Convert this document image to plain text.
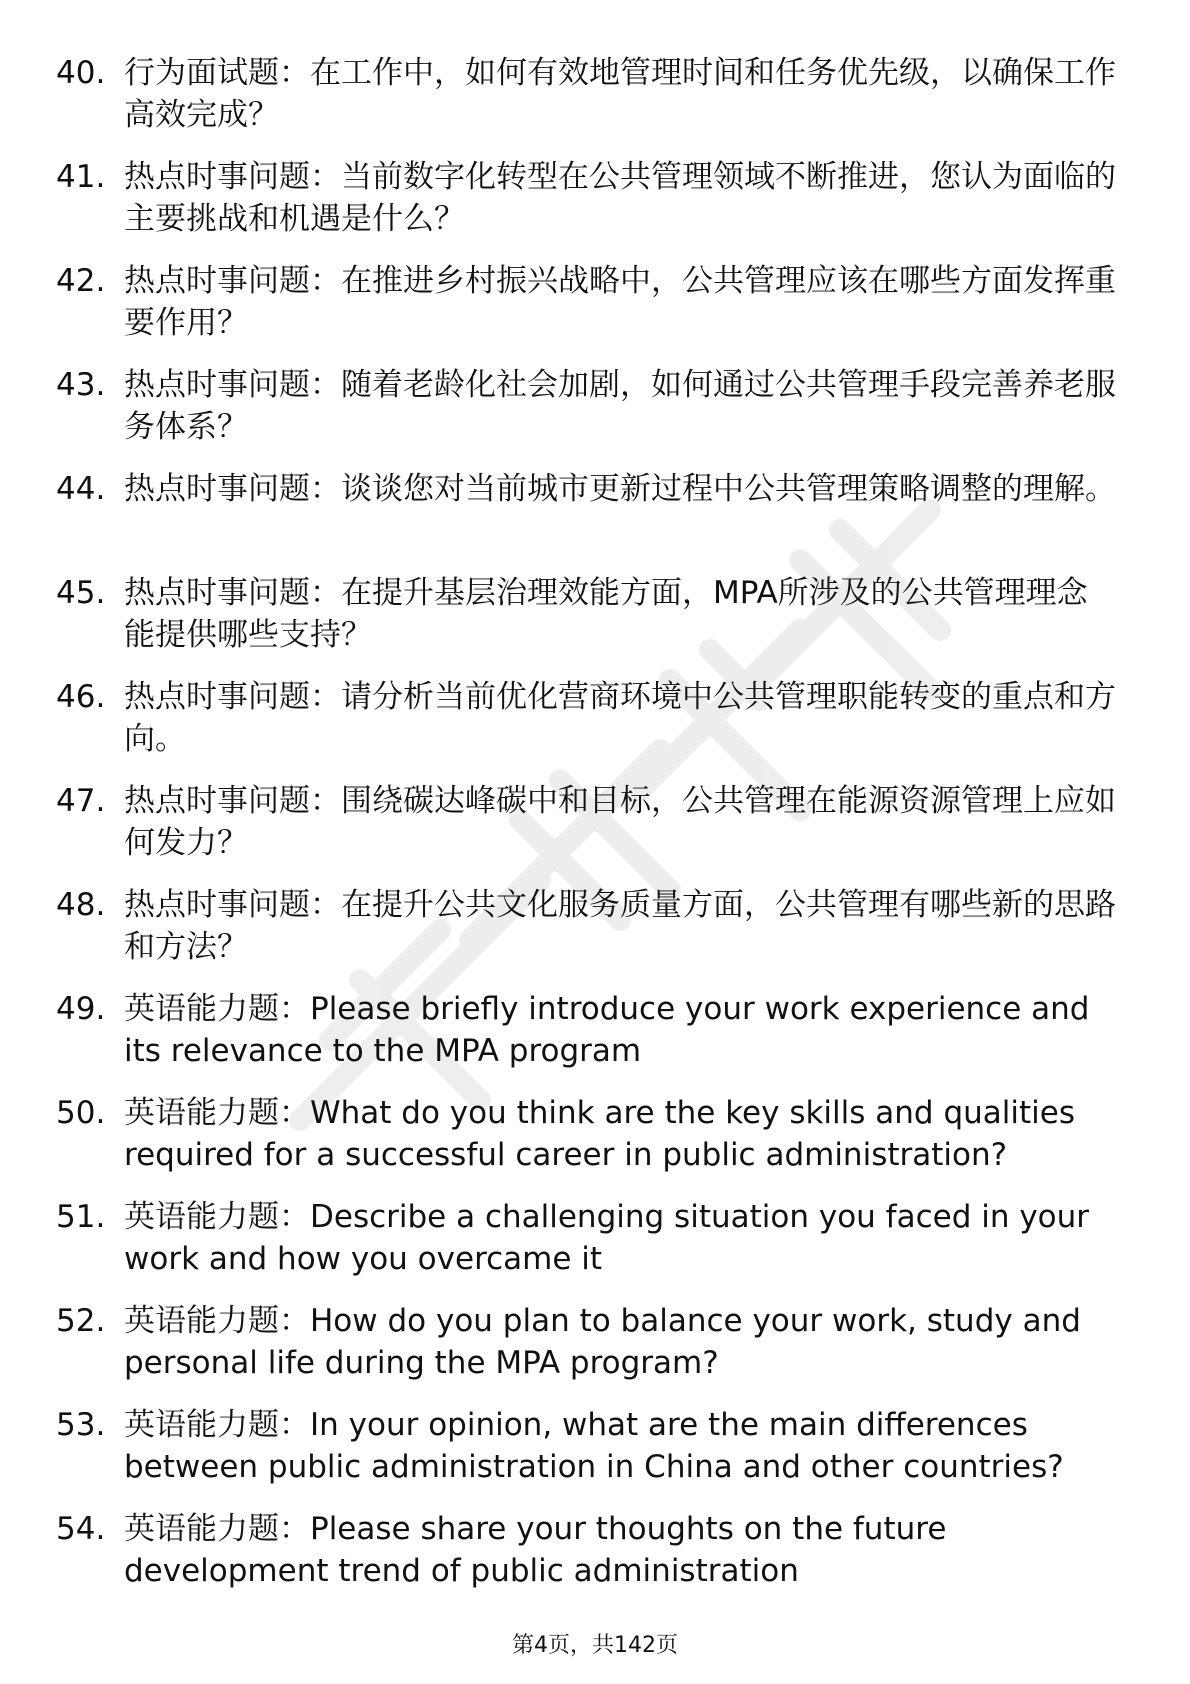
40. 行为面试题：在工作中，如何有效地管理时间和任务优先级，以确保工作高效完成？
41. 热点时事问题：当前数字化转型在公共管理领域不断推进，您认为面临的主要挑战和机遇是什么？
42. 热点时事问题：在推进乡村振兴战略中，公共管理应该在哪些方面发挥重要作用？
43. 热点时事问题：随着老龄化社会加剧，如何通过公共管理手段完善养老服务体系？
44. 热点时事问题：谈谈您对当前城市更新过程中公共管理策略调整的理解。
45. 热点时事问题：在提升基层治理效能方面，MPA所涉及的公共管理理念能提供哪些支持？
46. 热点时事问题：请分析当前优化营商环境中公共管理职能转变的重点和方向。
47. 热点时事问题：围绕碳达峰碳中和目标，公共管理在能源资源管理上应如何发力？
48. 热点时事问题：在提升公共文化服务质量方面，公共管理有哪些新的思路和方法？
49. 英语能力题：Please briefly introduce your work experience and its relevance to the MPA program
50. 英语能力题：What do you think are the key skills and qualities required for a successful career in public administration?
51. 英语能力题：Describe a challenging situation you faced in your work and how you overcame it
52. 英语能力题：How do you plan to balance your work, study and personal life during the MPA program?
53. 英语能力题：In your opinion, what are the main differences between public administration in China and other countries?
54. 英语能力题：Please share your thoughts on the future development trend of public administration
第4页，共142页
